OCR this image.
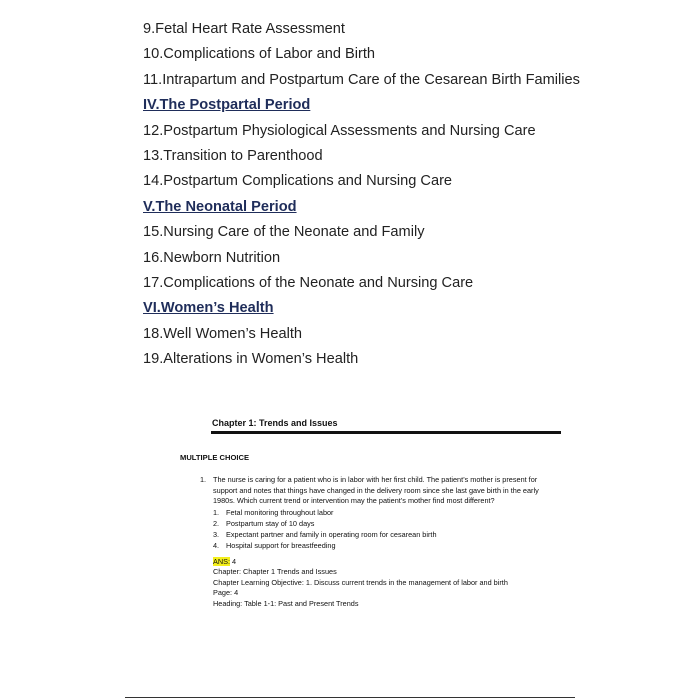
9.Fetal Heart Rate Assessment
10.Complications of Labor and Birth
11.Intrapartum and Postpartum Care of the Cesarean Birth Families
IV.The Postpartal Period
12.Postpartum Physiological Assessments and Nursing Care
13.Transition to Parenthood
14.Postpartum Complications and Nursing Care
V.The Neonatal Period
15.Nursing Care of the Neonate and Family
16.Newborn Nutrition
17.Complications of the Neonate and Nursing Care
VI.Women’s Health
18.Well Women’s Health
19.Alterations in Women’s Health
Chapter 1: Trends and Issues
MULTIPLE CHOICE
1. The nurse is caring for a patient who is in labor with her first child. The patient’s mother is present for support and notes that things have changed in the delivery room since she last gave birth in the early 1980s. Which current trend or intervention may the patient’s mother find most different?
1. Fetal monitoring throughout labor
2. Postpartum stay of 10 days
3. Expectant partner and family in operating room for cesarean birth
4. Hospital support for breastfeeding
ANS: 4
Chapter: Chapter 1 Trends and Issues
Chapter Learning Objective: 1. Discuss current trends in the management of labor and birth
Page: 4
Heading: Table 1-1: Past and Present Trends
